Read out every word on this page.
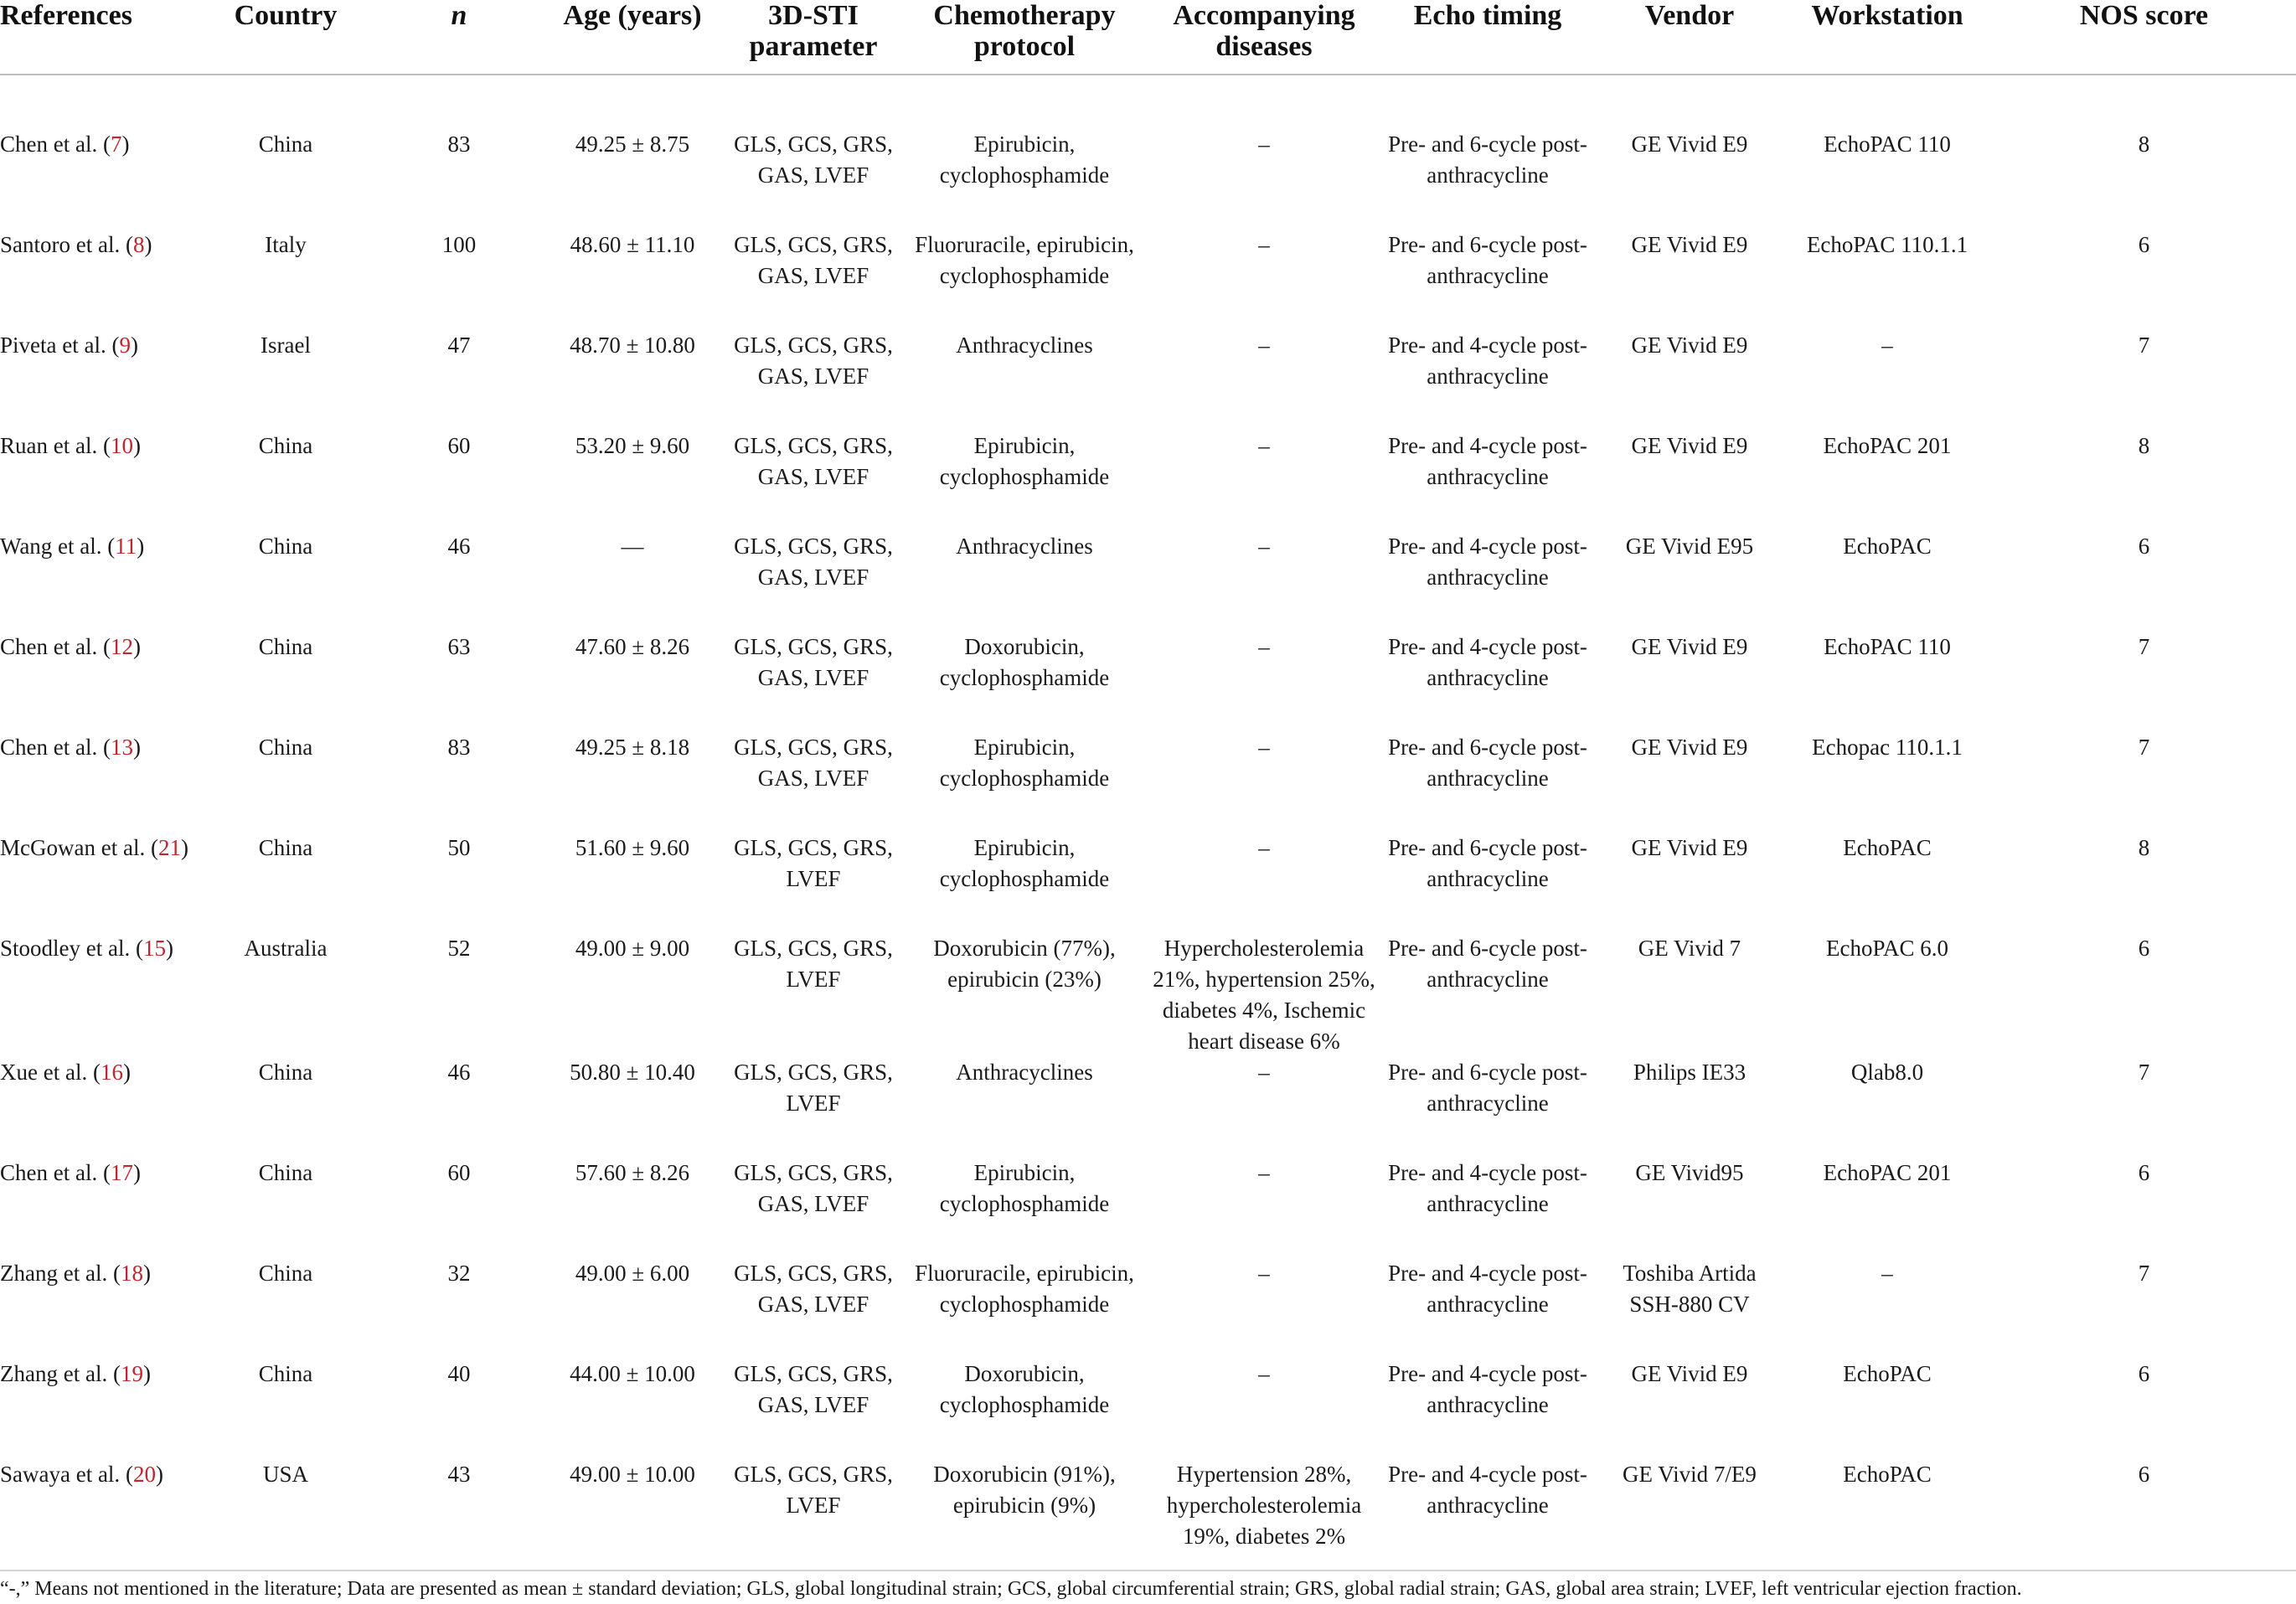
References	Country	n	Age (years)	3D-STI parameter	Chemotherapy protocol	Accompanying diseases	Echo timing	Vendor	Workstation	NOS score
Chen et al. (7)	China	83	49.25 ± 8.75	GLS, GCS, GRS, GAS, LVEF	Epirubicin, cyclophosphamide	–	Pre- and 6-cycle post-anthracycline	GE Vivid E9	EchoPAC 110	8
Santoro et al. (8)	Italy	100	48.60 ± 11.10	GLS, GCS, GRS, GAS, LVEF	Fluoruracile, epirubicin, cyclophosphamide	–	Pre- and 6-cycle post-anthracycline	GE Vivid E9	EchoPAC 110.1.1	6
Piveta et al. (9)	Israel	47	48.70 ± 10.80	GLS, GCS, GRS, GAS, LVEF	Anthracyclines	–	Pre- and 4-cycle post-anthracycline	GE Vivid E9	–	7
Ruan et al. (10)	China	60	53.20 ± 9.60	GLS, GCS, GRS, GAS, LVEF	Epirubicin, cyclophosphamide	–	Pre- and 4-cycle post-anthracycline	GE Vivid E9	EchoPAC 201	8
Wang et al. (11)	China	46	—	GLS, GCS, GRS, GAS, LVEF	Anthracyclines	–	Pre- and 4-cycle post-anthracycline	GE Vivid E95	EchoPAC	6
Chen et al. (12)	China	63	47.60 ± 8.26	GLS, GCS, GRS, GAS, LVEF	Doxorubicin, cyclophosphamide	–	Pre- and 4-cycle post-anthracycline	GE Vivid E9	EchoPAC 110	7
Chen et al. (13)	China	83	49.25 ± 8.18	GLS, GCS, GRS, GAS, LVEF	Epirubicin, cyclophosphamide	–	Pre- and 6-cycle post-anthracycline	GE Vivid E9	Echopac 110.1.1	7
McGowan et al. (21)	China	50	51.60 ± 9.60	GLS, GCS, GRS, LVEF	Epirubicin, cyclophosphamide	–	Pre- and 6-cycle post-anthracycline	GE Vivid E9	EchoPAC	8
Stoodley et al. (15)	Australia	52	49.00 ± 9.00	GLS, GCS, GRS, LVEF	Doxorubicin (77%), epirubicin (23%)	Hypercholesterolemia 21%, hypertension 25%, diabetes 4%, Ischemic heart disease 6%	Pre- and 6-cycle post-anthracycline	GE Vivid 7	EchoPAC 6.0	6
Xue et al. (16)	China	46	50.80 ± 10.40	GLS, GCS, GRS, LVEF	Anthracyclines	–	Pre- and 6-cycle post-anthracycline	Philips IE33	Qlab8.0	7
Chen et al. (17)	China	60	57.60 ± 8.26	GLS, GCS, GRS, GAS, LVEF	Epirubicin, cyclophosphamide	–	Pre- and 4-cycle post-anthracycline	GE Vivid95	EchoPAC 201	6
Zhang et al. (18)	China	32	49.00 ± 6.00	GLS, GCS, GRS, GAS, LVEF	Fluoruracile, epirubicin, cyclophosphamide	–	Pre- and 4-cycle post-anthracycline	Toshiba Artida SSH-880 CV	–	7
Zhang et al. (19)	China	40	44.00 ± 10.00	GLS, GCS, GRS, GAS, LVEF	Doxorubicin, cyclophosphamide	–	Pre- and 4-cycle post-anthracycline	GE Vivid E9	EchoPAC	6
Sawaya et al. (20)	USA	43	49.00 ± 10.00	GLS, GCS, GRS, LVEF	Doxorubicin (91%), epirubicin (9%)	Hypertension 28%, hypercholesterolemia 19%, diabetes 2%	Pre- and 4-cycle post-anthracycline	GE Vivid 7/E9	EchoPAC	6
“-,” Means not mentioned in the literature; Data are presented as mean ± standard deviation; GLS, global longitudinal strain; GCS, global circumferential strain; GRS, global radial strain; GAS, global area strain; LVEF, left ventricular ejection fraction.
